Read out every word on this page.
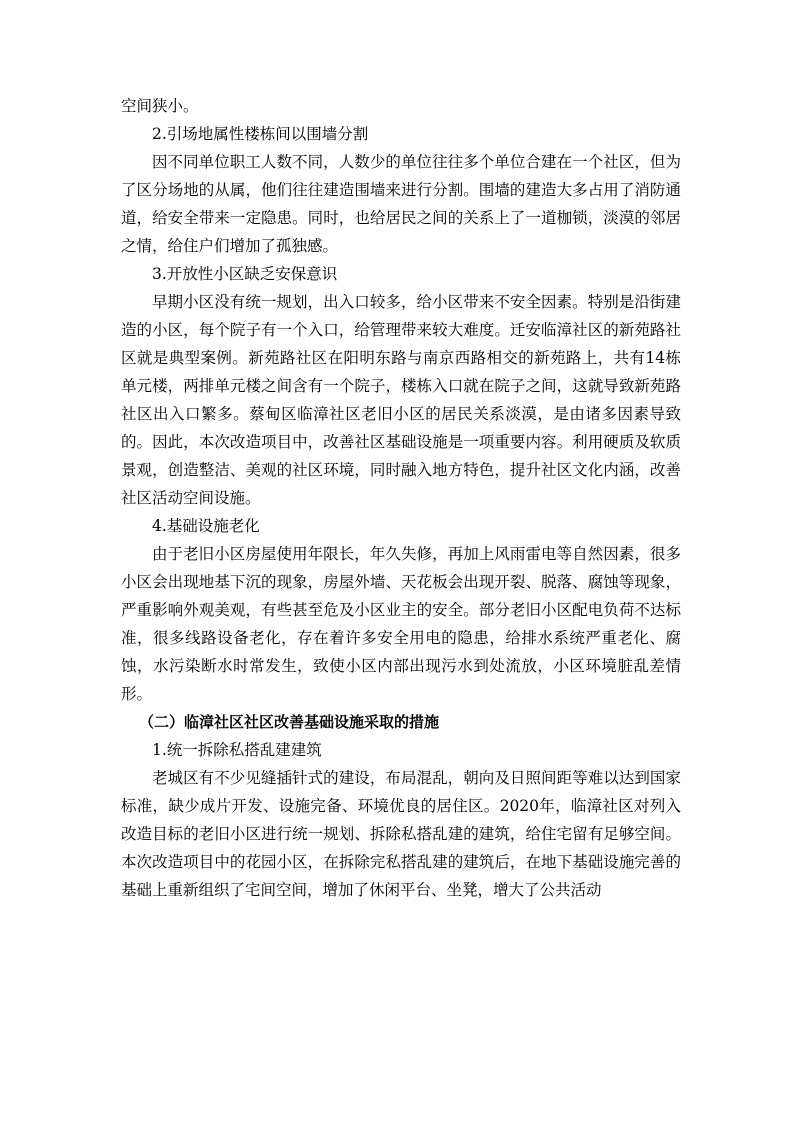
空间狭小。

2.引场地属性楼栋间以围墙分割

因不同单位职工人数不同，人数少的单位往往多个单位合建在一个社区，但为了区分场地的从属，他们往往建造围墙来进行分割。围墙的建造大多占用了消防通道，给安全带来一定隐患。同时，也给居民之间的关系上了一道枷锁，淡漠的邻居之情，给住户们增加了孤独感。

3.开放性小区缺乏安保意识

早期小区没有统一规划，出入口较多，给小区带来不安全因素。特别是沿街建造的小区，每个院子有一个入口，给管理带来较大难度。迁安临漳社区的新苑路社区就是典型案例。新苑路社区在阳明东路与南京西路相交的新苑路上，共有14栋单元楼，两排单元楼之间含有一个院子，楼栋入口就在院子之间，这就导致新苑路社区出入口繁多。蔡甸区临漳社区老旧小区的居民关系淡漠，是由诸多因素导致的。因此，本次改造项目中，改善社区基础设施是一项重要内容。利用硬质及软质景观，创造整洁、美观的社区环境，同时融入地方特色，提升社区文化内涵，改善社区活动空间设施。

4.基础设施老化

由于老旧小区房屋使用年限长，年久失修，再加上风雨雷电等自然因素，很多小区会出现地基下沉的现象，房屋外墙、天花板会出现开裂、脱落、腐蚀等现象，严重影响外观美观，有些甚至危及小区业主的安全。部分老旧小区配电负荷不达标准，很多线路设备老化，存在着许多安全用电的隐患，给排水系统严重老化、腐蚀，水污染断水时常发生，致使小区内部出现污水到处流放，小区环境脏乱差情形。

（二）临漳社区社区改善基础设施采取的措施

1.统一拆除私搭乱建建筑

老城区有不少见缝插针式的建设，布局混乱，朝向及日照间距等难以达到国家标准，缺少成片开发、设施完备、环境优良的居住区。2020年，临漳社区对列入改造目标的老旧小区进行统一规划、拆除私搭乱建的建筑，给住宅留有足够空间。本次改造项目中的花园小区，在拆除完私搭乱建的建筑后，在地下基础设施完善的基础上重新组织了宅间空间，增加了休闲平台、坐凳，增大了公共活动
